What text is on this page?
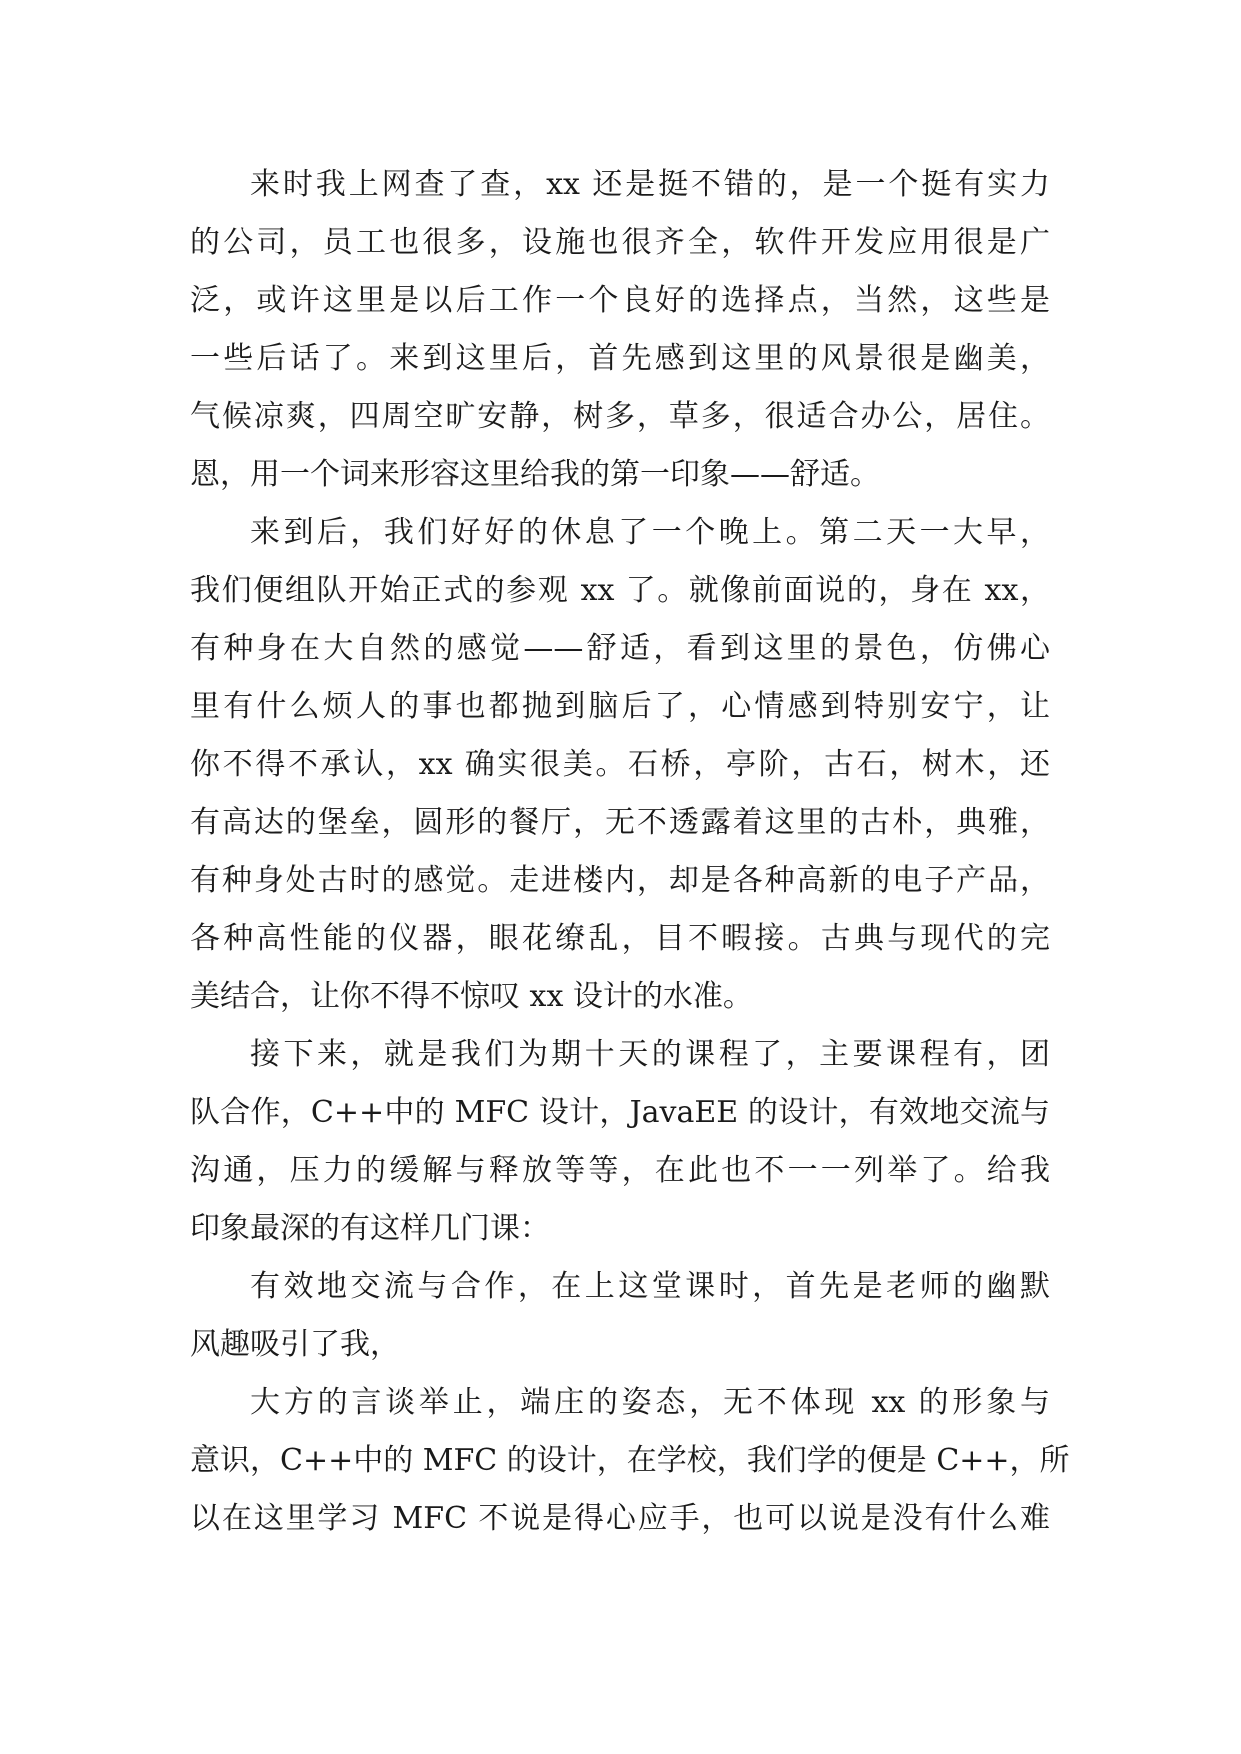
来时我上网查了查，xx 还是挺不错的，是一个挺有实力
的公司，员工也很多，设施也很齐全，软件开发应用很是广
泛，或许这里是以后工作一个良好的选择点，当然，这些是
一些后话了。来到这里后，首先感到这里的风景很是幽美，
气候凉爽，四周空旷安静，树多，草多，很适合办公，居住。
恩，用一个词来形容这里给我的第一印象——舒适。
来到后，我们好好的休息了一个晚上。第二天一大早，
我们便组队开始正式的参观 xx 了。就像前面说的，身在 xx，
有种身在大自然的感觉——舒适，看到这里的景色，仿佛心
里有什么烦人的事也都抛到脑后了，心情感到特别安宁，让
你不得不承认，xx 确实很美。石桥，亭阶，古石，树木，还
有高达的堡垒，圆形的餐厅，无不透露着这里的古朴，典雅，
有种身处古时的感觉。走进楼内，却是各种高新的电子产品，
各种高性能的仪器，眼花缭乱，目不暇接。古典与现代的完
美结合，让你不得不惊叹 xx 设计的水准。
接下来，就是我们为期十天的课程了，主要课程有，团
队合作，C++中的 MFC 设计，JavaEE 的设计，有效地交流与
沟通，压力的缓解与释放等等，在此也不一一列举了。给我
印象最深的有这样几门课：
有效地交流与合作，在上这堂课时，首先是老师的幽默
风趣吸引了我，
大方的言谈举止，端庄的姿态，无不体现 xx 的形象与
意识，C++中的 MFC 的设计，在学校，我们学的便是 C++，所
以在这里学习 MFC 不说是得心应手，也可以说是没有什么难
